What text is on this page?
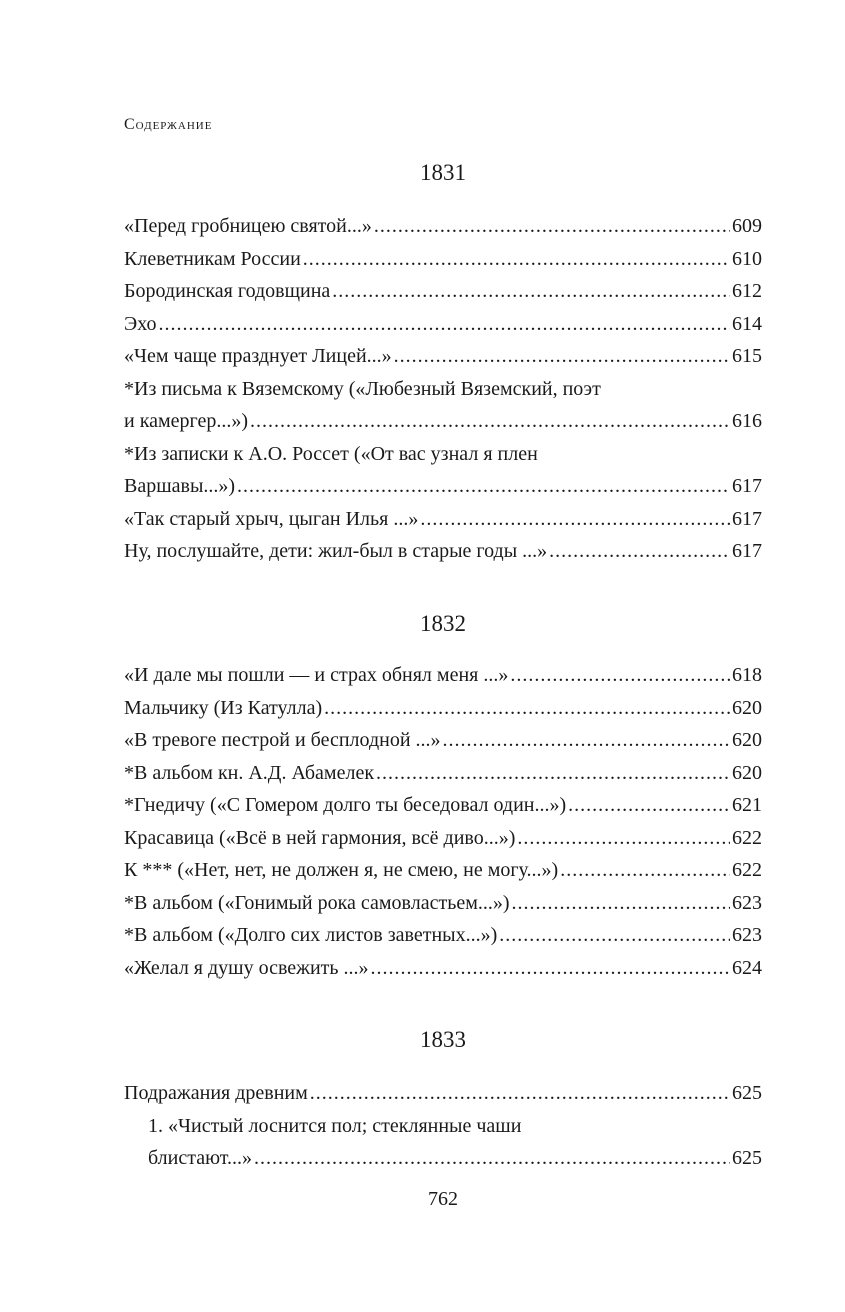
Содержание
1831
«Перед гробницею святой...» .....	609
Клеветникам России .....	610
Бородинская годовщина .....	612
Эхо .....	614
«Чем чаще празднует Лицей...» .....	615
*Из письма к Вяземскому («Любезный Вяземский, поэт
и камергер...») .....	616
*Из записки к А.О. Россет («От вас узнал я плен
Варшавы...») .....	617
«Так старый хрыч, цыган Илья ...» .....	617
Ну, послушайте, дети: жил-был в старые годы ...» .....	617
1832
«И дале мы пошли — и страх обнял меня ...» .....	618
Мальчику (Из Катулла) .....	620
«В тревоге пестрой и бесплодной ...» .....	620
*В альбом кн. А.Д. Абамелек .....	620
*Гнедичу («С Гомером долго ты беседовал один...») .....	621
Красавица («Всё в ней гармония, всё диво...») .....	622
К *** («Нет, нет, не должен я, не смею, не могу...») .....	622
*В альбом («Гонимый рока самовластьем...») .....	623
*В альбом («Долго сих листов заветных...») .....	623
«Желал я душу освежить ...» .....	624
1833
Подражания древним .....	625
1. «Чистый лоснится пол; стеклянные чаши
блистают...» .....	625
762
